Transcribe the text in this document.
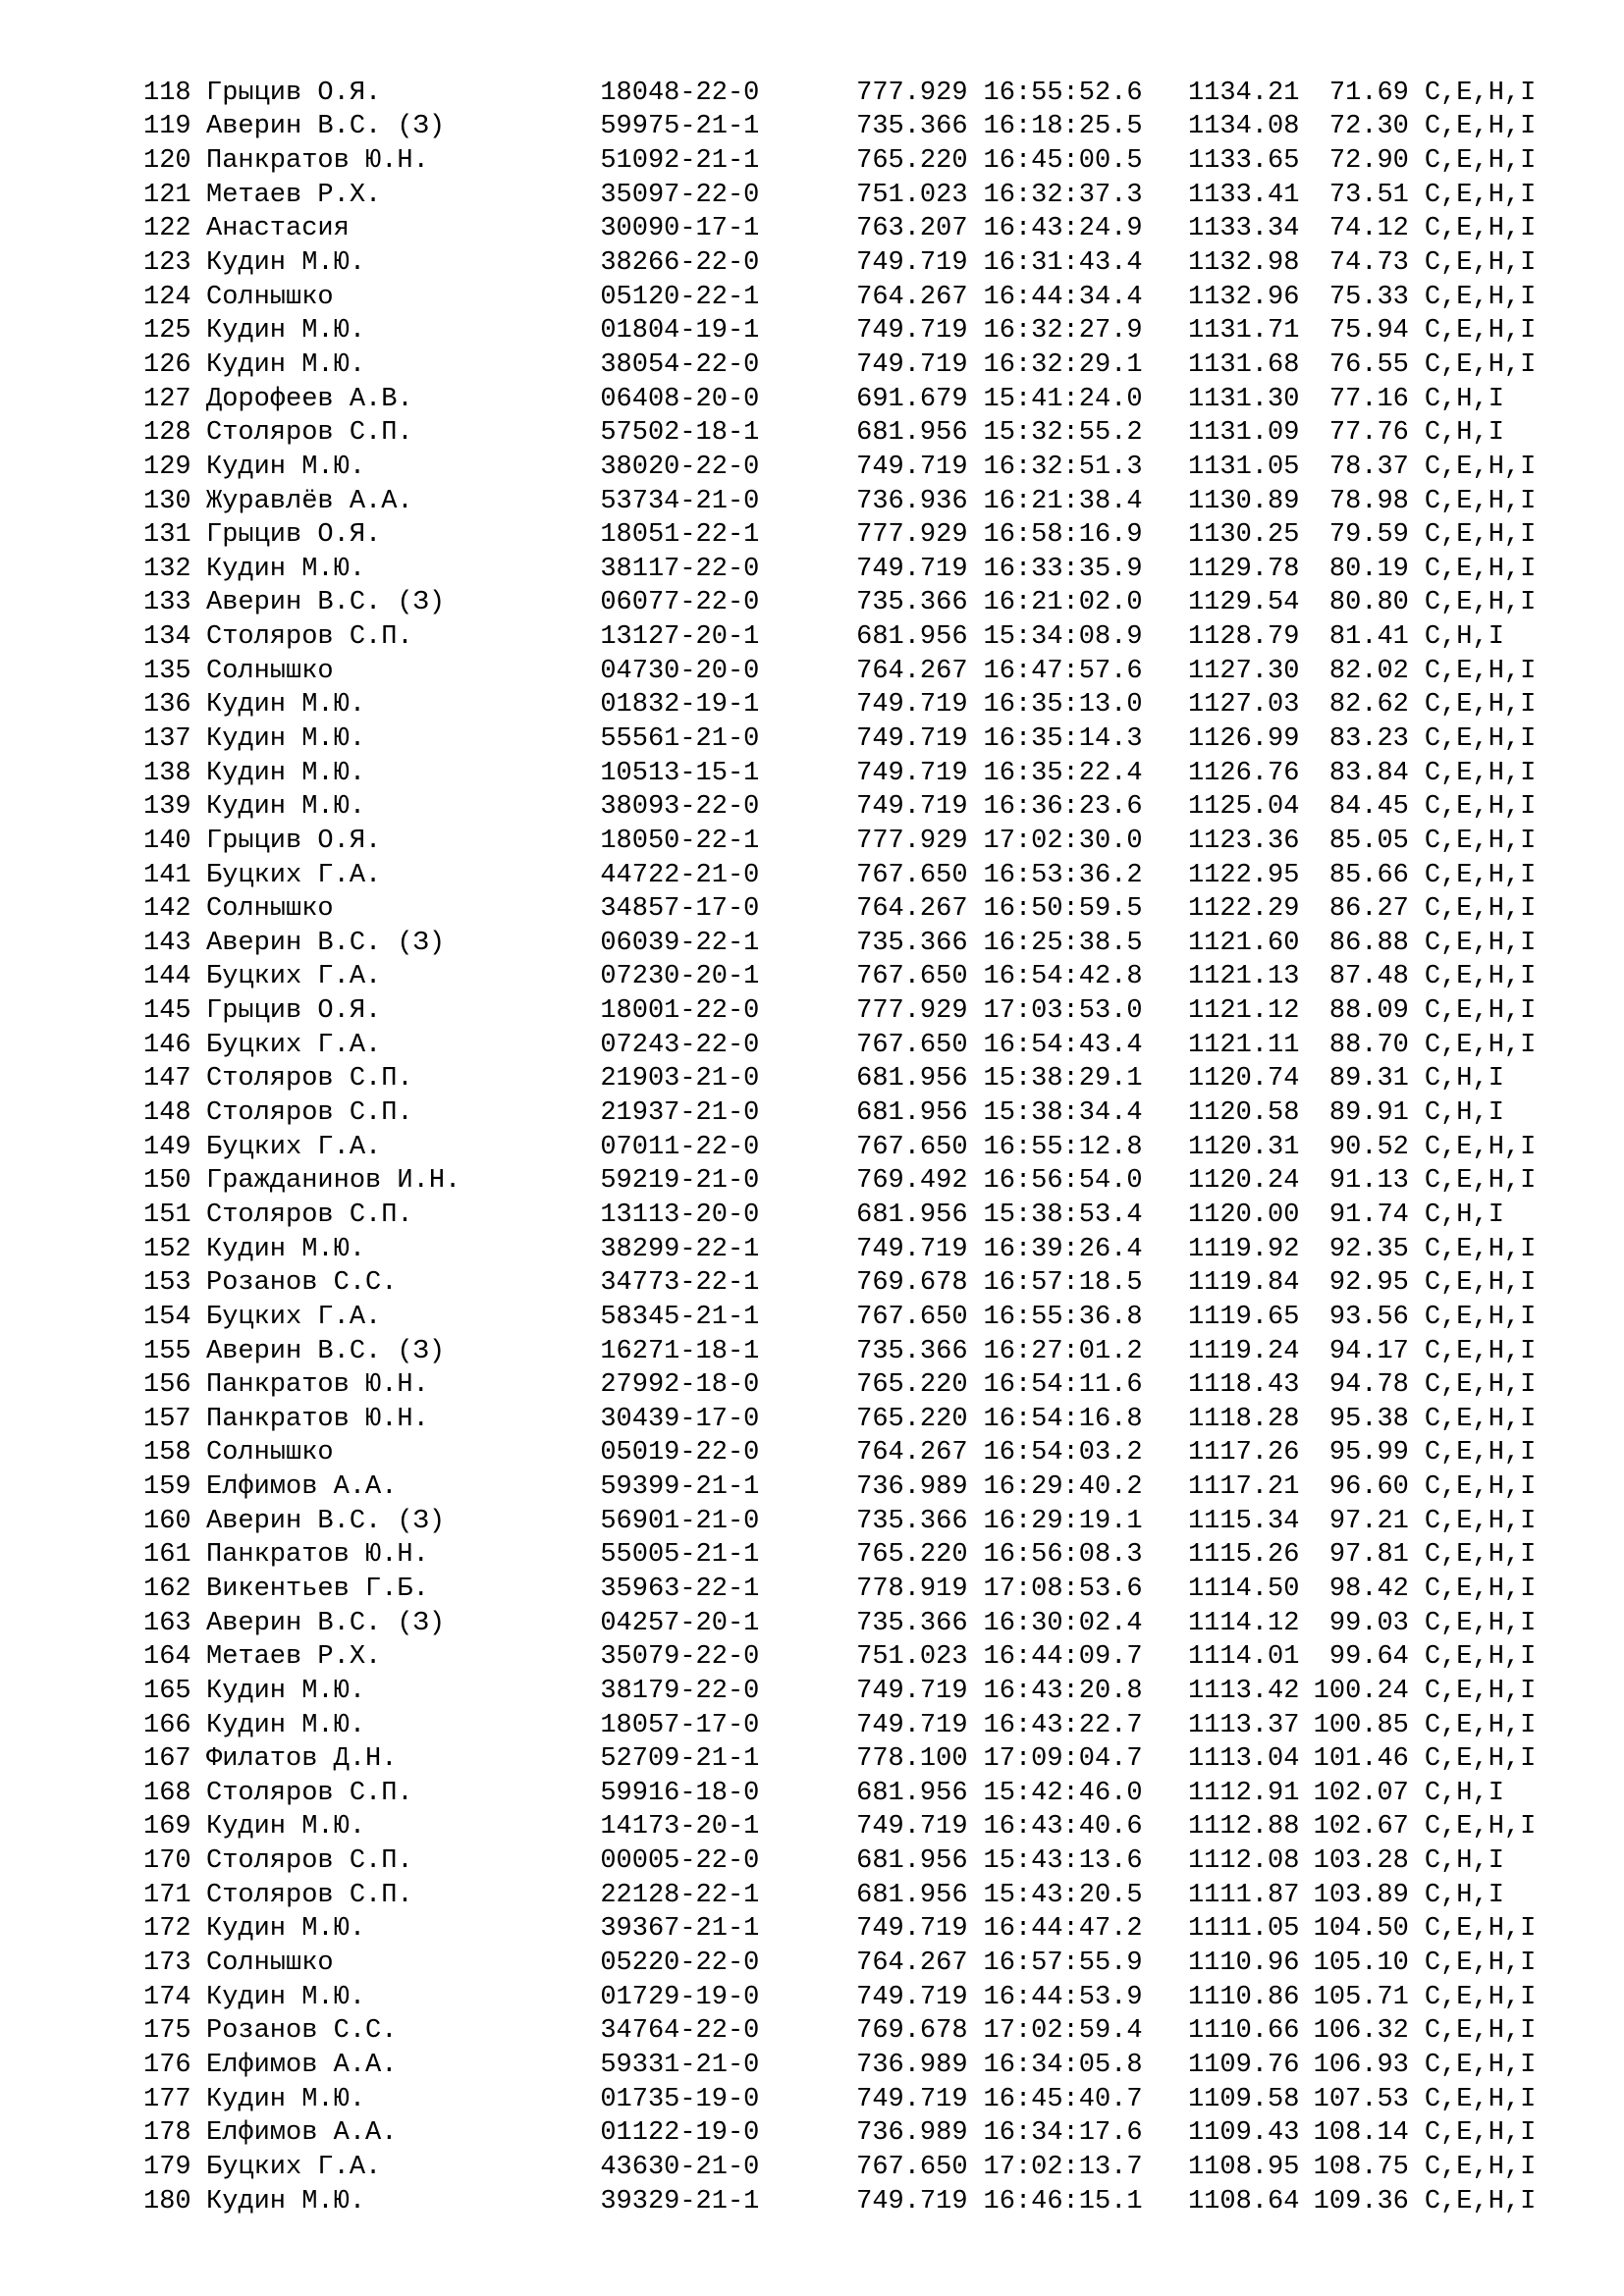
118 Грыцив О.Я.	18048-22-0	777.929 16:55:52.6	1134.21	71.69 C,E,H,I
119 Аверин В.С. (З)	59975-21-1	735.366 16:18:25.5	1134.08	72.30 C,E,H,I
120 Панкратов Ю.Н.	51092-21-1	765.220 16:45:00.5	1133.65	72.90 C,E,H,I
121 Метаев Р.Х.	35097-22-0	751.023 16:32:37.3	1133.41	73.51 C,E,H,I
122 Анастасия	30090-17-1	763.207 16:43:24.9	1133.34	74.12 C,E,H,I
123 Кудин М.Ю.	38266-22-0	749.719 16:31:43.4	1132.98	74.73 C,E,H,I
124 Солнышко	05120-22-1	764.267 16:44:34.4	1132.96	75.33 C,E,H,I
125 Кудин М.Ю.	01804-19-1	749.719 16:32:27.9	1131.71	75.94 C,E,H,I
126 Кудин М.Ю.	38054-22-0	749.719 16:32:29.1	1131.68	76.55 C,E,H,I
127 Дорофеев А.В.	06408-20-0	691.679 15:41:24.0	1131.30	77.16 C,H,I
128 Столяров С.П.	57502-18-1	681.956 15:32:55.2	1131.09	77.76 C,H,I
129 Кудин М.Ю.	38020-22-0	749.719 16:32:51.3	1131.05	78.37 C,E,H,I
130 Журавлёв А.А.	53734-21-0	736.936 16:21:38.4	1130.89	78.98 C,E,H,I
131 Грыцив О.Я.	18051-22-1	777.929 16:58:16.9	1130.25	79.59 C,E,H,I
132 Кудин М.Ю.	38117-22-0	749.719 16:33:35.9	1129.78	80.19 C,E,H,I
133 Аверин В.С. (З)	06077-22-0	735.366 16:21:02.0	1129.54	80.80 C,E,H,I
134 Столяров С.П.	13127-20-1	681.956 15:34:08.9	1128.79	81.41 C,H,I
135 Солнышко	04730-20-0	764.267 16:47:57.6	1127.30	82.02 C,E,H,I
136 Кудин М.Ю.	01832-19-1	749.719 16:35:13.0	1127.03	82.62 C,E,H,I
137 Кудин М.Ю.	55561-21-0	749.719 16:35:14.3	1126.99	83.23 C,E,H,I
138 Кудин М.Ю.	10513-15-1	749.719 16:35:22.4	1126.76	83.84 C,E,H,I
139 Кудин М.Ю.	38093-22-0	749.719 16:36:23.6	1125.04	84.45 C,E,H,I
140 Грыцив О.Я.	18050-22-1	777.929 17:02:30.0	1123.36	85.05 C,E,H,I
141 Буцких Г.А.	44722-21-0	767.650 16:53:36.2	1122.95	85.66 C,E,H,I
142 Солнышко	34857-17-0	764.267 16:50:59.5	1122.29	86.27 C,E,H,I
143 Аверин В.С. (З)	06039-22-1	735.366 16:25:38.5	1121.60	86.88 C,E,H,I
144 Буцких Г.А.	07230-20-1	767.650 16:54:42.8	1121.13	87.48 C,E,H,I
145 Грыцив О.Я.	18001-22-0	777.929 17:03:53.0	1121.12	88.09 C,E,H,I
146 Буцких Г.А.	07243-22-0	767.650 16:54:43.4	1121.11	88.70 C,E,H,I
147 Столяров С.П.	21903-21-0	681.956 15:38:29.1	1120.74	89.31 C,H,I
148 Столяров С.П.	21937-21-0	681.956 15:38:34.4	1120.58	89.91 C,H,I
149 Буцких Г.А.	07011-22-0	767.650 16:55:12.8	1120.31	90.52 C,E,H,I
150 Гражданинов И.Н.	59219-21-0	769.492 16:56:54.0	1120.24	91.13 C,E,H,I
151 Столяров С.П.	13113-20-0	681.956 15:38:53.4	1120.00	91.74 C,H,I
152 Кудин М.Ю.	38299-22-1	749.719 16:39:26.4	1119.92	92.35 C,E,H,I
153 Розанов С.С.	34773-22-1	769.678 16:57:18.5	1119.84	92.95 C,E,H,I
154 Буцких Г.А.	58345-21-1	767.650 16:55:36.8	1119.65	93.56 C,E,H,I
155 Аверин В.С. (З)	16271-18-1	735.366 16:27:01.2	1119.24	94.17 C,E,H,I
156 Панкратов Ю.Н.	27992-18-0	765.220 16:54:11.6	1118.43	94.78 C,E,H,I
157 Панкратов Ю.Н.	30439-17-0	765.220 16:54:16.8	1118.28	95.38 C,E,H,I
158 Солнышко	05019-22-0	764.267 16:54:03.2	1117.26	95.99 C,E,H,I
159 Елфимов А.А.	59399-21-1	736.989 16:29:40.2	1117.21	96.60 C,E,H,I
160 Аверин В.С. (З)	56901-21-0	735.366 16:29:19.1	1115.34	97.21 C,E,H,I
161 Панкратов Ю.Н.	55005-21-1	765.220 16:56:08.3	1115.26	97.81 C,E,H,I
162 Викентьев Г.Б.	35963-22-1	778.919 17:08:53.6	1114.50	98.42 C,E,H,I
163 Аверин В.С. (З)	04257-20-1	735.366 16:30:02.4	1114.12	99.03 C,E,H,I
164 Метаев Р.Х.	35079-22-0	751.023 16:44:09.7	1114.01	99.64 C,E,H,I
165 Кудин М.Ю.	38179-22-0	749.719 16:43:20.8	1113.42 100.24 C,E,H,I
166 Кудин М.Ю.	18057-17-0	749.719 16:43:22.7	1113.37 100.85 C,E,H,I
167 Филатов Д.Н.	52709-21-1	778.100 17:09:04.7	1113.04 101.46 C,E,H,I
168 Столяров С.П.	59916-18-0	681.956 15:42:46.0	1112.91 102.07 C,H,I
169 Кудин М.Ю.	14173-20-1	749.719 16:43:40.6	1112.88 102.67 C,E,H,I
170 Столяров С.П.	00005-22-0	681.956 15:43:13.6	1112.08 103.28 C,H,I
171 Столяров С.П.	22128-22-1	681.956 15:43:20.5	1111.87 103.89 C,H,I
172 Кудин М.Ю.	39367-21-1	749.719 16:44:47.2	1111.05 104.50 C,E,H,I
173 Солнышко	05220-22-0	764.267 16:57:55.9	1110.96 105.10 C,E,H,I
174 Кудин М.Ю.	01729-19-0	749.719 16:44:53.9	1110.86 105.71 C,E,H,I
175 Розанов С.С.	34764-22-0	769.678 17:02:59.4	1110.66 106.32 C,E,H,I
176 Елфимов А.А.	59331-21-0	736.989 16:34:05.8	1109.76 106.93 C,E,H,I
177 Кудин М.Ю.	01735-19-0	749.719 16:45:40.7	1109.58 107.53 C,E,H,I
178 Елфимов А.А.	01122-19-0	736.989 16:34:17.6	1109.43 108.14 C,E,H,I
179 Буцких Г.А.	43630-21-0	767.650 17:02:13.7	1108.95 108.75 C,E,H,I
180 Кудин М.Ю.	39329-21-1	749.719 16:46:15.1	1108.64 109.36 C,E,H,I
